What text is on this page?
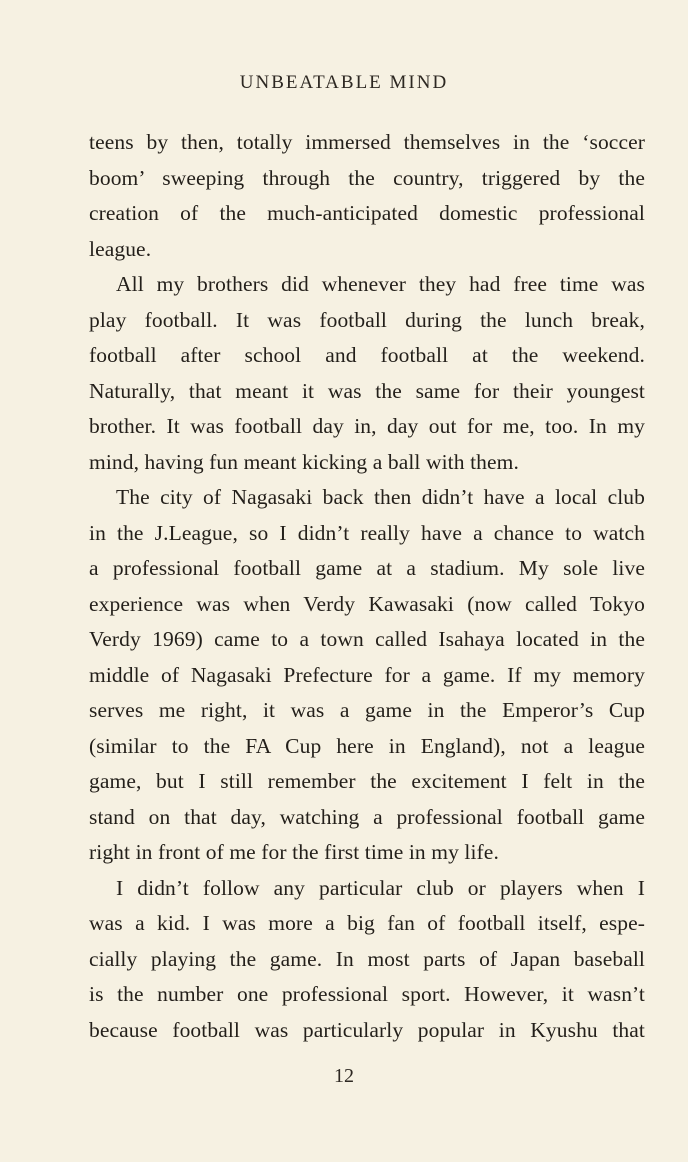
UNBEATABLE MIND
teens by then, totally immersed themselves in the ‘soccer
boom’ sweeping through the country, triggered by the
creation of the much-anticipated domestic professional
league.
All my brothers did whenever they had free time was
play football. It was football during the lunch break,
football after school and football at the weekend.
Naturally, that meant it was the same for their youngest
brother. It was football day in, day out for me, too. In my
mind, having fun meant kicking a ball with them.
The city of Nagasaki back then didn’t have a local club
in the J.League, so I didn’t really have a chance to watch
a professional football game at a stadium. My sole live
experience was when Verdy Kawasaki (now called Tokyo
Verdy 1969) came to a town called Isahaya located in the
middle of Nagasaki Prefecture for a game. If my memory
serves me right, it was a game in the Emperor’s Cup
(similar to the FA Cup here in England), not a league
game, but I still remember the excitement I felt in the
stand on that day, watching a professional football game
right in front of me for the first time in my life.
I didn’t follow any particular club or players when I
was a kid. I was more a big fan of football itself, espe-
cially playing the game. In most parts of Japan baseball
is the number one professional sport. However, it wasn’t
because football was particularly popular in Kyushu that
12
